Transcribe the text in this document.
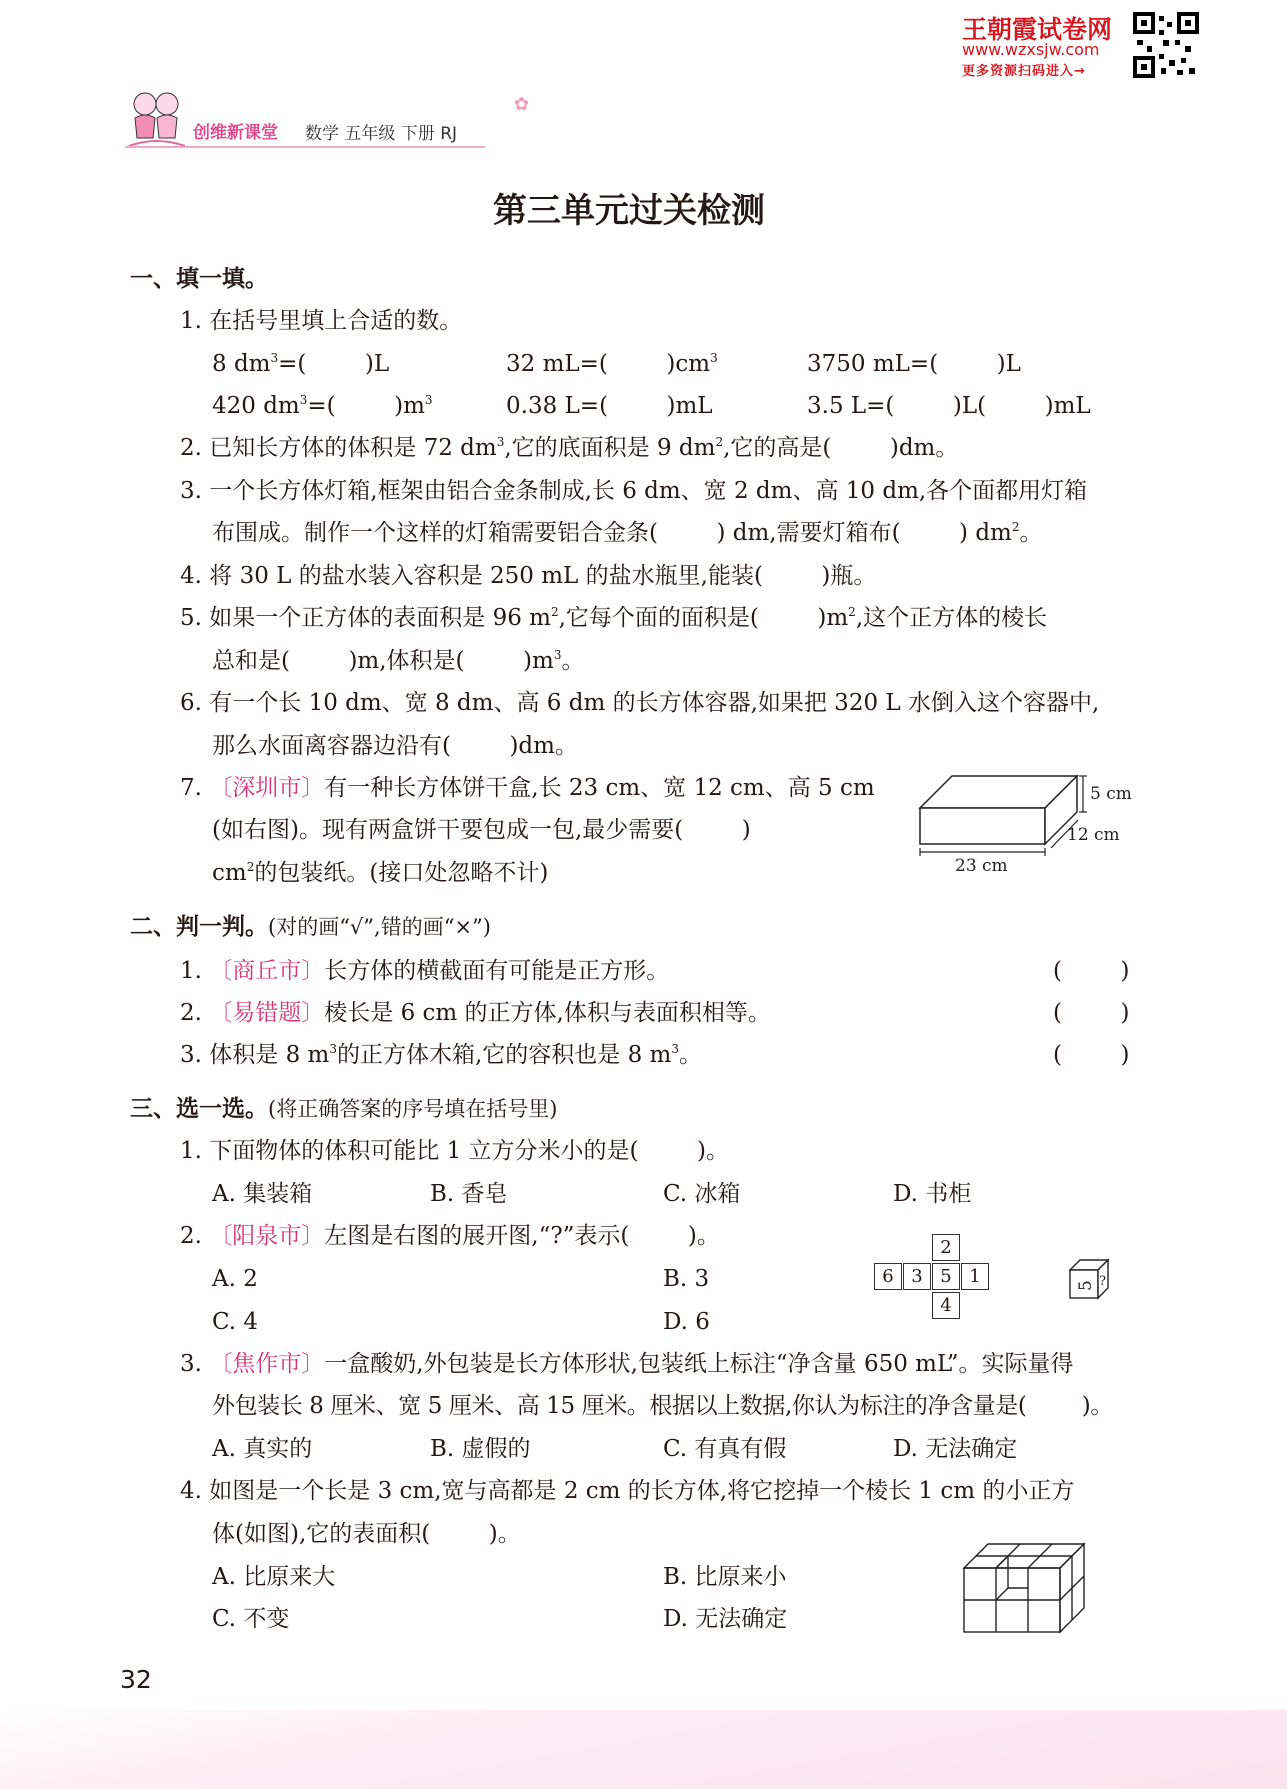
创维新课堂 数学 五年级 下册 RJ
✿
王朝霞试卷网
www.wzxsjw.com
更多资源扫码进入→
第三单元过关检测
一、填一填。
1. 在括号里填上合适的数。
8 $dm^3=$(        )L	32 mL=(        )$cm^3$	3750 mL=(        )L
420 $dm^3=$(        )$m^3$	0.38 L=(        )mL	3.5 L=(        )L(        )mL
2. 已知长方体的体积是 72 $dm^3$,它的底面积是 9 $dm^2$,它的高是(        )dm。
3. 一个长方体灯箱,框架由铝合金条制成,长 6 dm、宽 2 dm、高 10 dm,各个面都用灯箱
布围成。制作一个这样的灯箱需要铝合金条(        ) dm,需要灯箱布(        ) $dm^2$。
4. 将 30 L 的盐水装入容积是 250 mL 的盐水瓶里,能装(        )瓶。
5. 如果一个正方体的表面积是 96 $m^2$,它每个面的面积是(        )$m^2$,这个正方体的棱长
总和是(        )m,体积是(        )$m^3$。
6. 有一个长 10 dm、宽 8 dm、高 6 dm 的长方体容器,如果把 320 L 水倒入这个容器中,
那么水面离容器边沿有(        )dm。
7. 〔深圳市〕有一种长方体饼干盒,长 23 cm、宽 12 cm、高 5 cm
(如右图)。现有两盒饼干要包成一包,最少需要(        )
$cm^2$的包装纸。(接口处忽略不计)
5 cm
12 cm
23 cm
二、判一判。(对的画“√”,错的画“×”)
1. 〔商丘市〕长方体的横截面有可能是正方形。	(        )
2. 〔易错题〕棱长是 6 cm 的正方体,体积与表面积相等。	(        )
3. 体积是 8 $m^3$的正方体木箱,它的容积也是 8 $m^3$。	(        )
三、选一选。(将正确答案的序号填在括号里)
1. 下面物体的体积可能比 1 立方分米小的是(        )。
A. 集装箱	B. 香皂	C. 冰箱	D. 书柜
2. 〔阳泉市〕左图是右图的展开图,“?”表示(        )。
A. 2	B. 3
C. 4	D. 6
2
6 3 5 1
4
5 ?
3. 〔焦作市〕一盒酸奶,外包装是长方体形状,包装纸上标注“净含量 650 mL”。实际量得
外包装长 8 厘米、宽 5 厘米、高 15 厘米。根据以上数据,你认为标注的净含量是(        )。
A. 真实的	B. 虚假的	C. 有真有假	D. 无法确定
4. 如图是一个长是 3 cm,宽与高都是 2 cm 的长方体,将它挖掉一个棱长 1 cm 的小正方
体(如图),它的表面积(        )。
A. 比原来大	B. 比原来小
C. 不变	D. 无法确定
32
